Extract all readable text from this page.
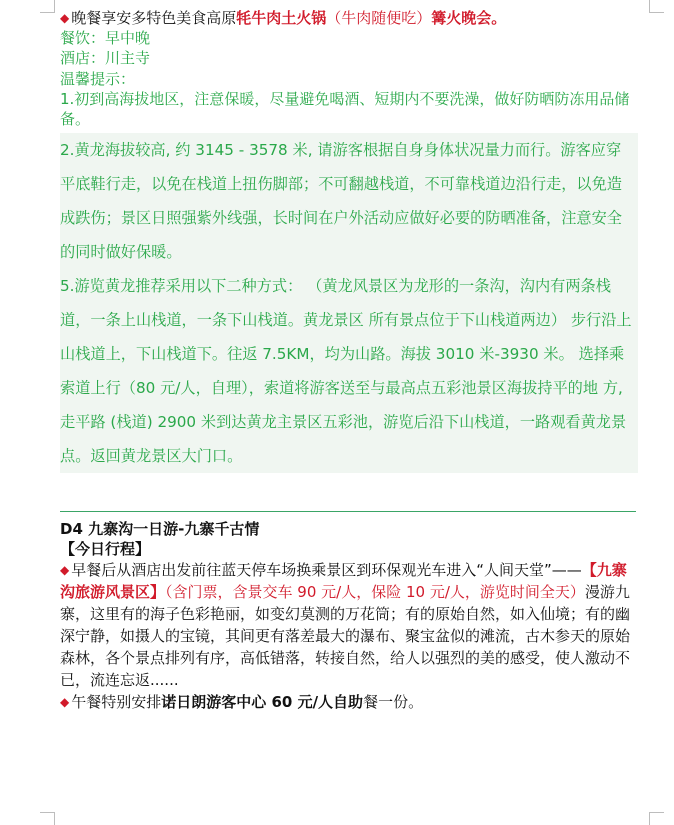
◆ 晚餐享安多特色美食高原牦牛肉土火锅（牛肉随便吃）篝火晚会。

餐饮：早中晚

酒店：川主寺

温馨提示：

1.初到高海拔地区，注意保暖，尽量避免喝酒、短期内不要洗澡，做好防晒防冻用品储备。

2.黄龙海拔较高, 约 3145 - 3578 米, 请游客根据自身身体状况量力而行。游客应穿平底鞋行走，以免在栈道上扭伤脚部；不可翻越栈道，不可靠栈道边沿行走，以免造成跌伤；景区日照强紫外线强，长时间在户外活动应做好必要的防晒准备，注意安全的同时做好保暖。

5.游览黄龙推荐采用以下二种方式： （黄龙风景区为龙形的一条沟，沟内有两条栈道，一条上山栈道，一条下山栈道。黄龙景区 所有景点位于下山栈道两边） 步行沿上山栈道上，下山栈道下。往返 7.5KM，均为山路。海拔 3010 米-3930 米。 选择乘索道上行（80 元/人，自理），索道将游客送至与最高点五彩池景区海拔持平的地 方, 走平路 (栈道) 2900 米到达黄龙主景区五彩池，游览后沿下山栈道，一路观看黄龙景点。返回黄龙景区大门口。

D4 九寨沟一日游-九寨千古情

【今日行程】

◆ 早餐后从酒店出发前往蓝天停车场换乘景区到环保观光车进入“人间天堂”——【九寨沟旅游风景区】（含门票，含景交车 90 元/人，保险 10 元/人，游览时间全天）漫游九寨，这里有的海子色彩艳丽，如变幻莫测的万花筒；有的原始自然，如入仙境；有的幽深宁静，如摄人的宝镜，其间更有落差最大的瀑布、聚宝盆似的滩流，古木参天的原始森林，各个景点排列有序，高低错落，转接自然，给人以强烈的美的感受，使人激动不已，流连忘返......

◆ 午餐特别安排诺日朗游客中心 60 元/人自助餐一份。
